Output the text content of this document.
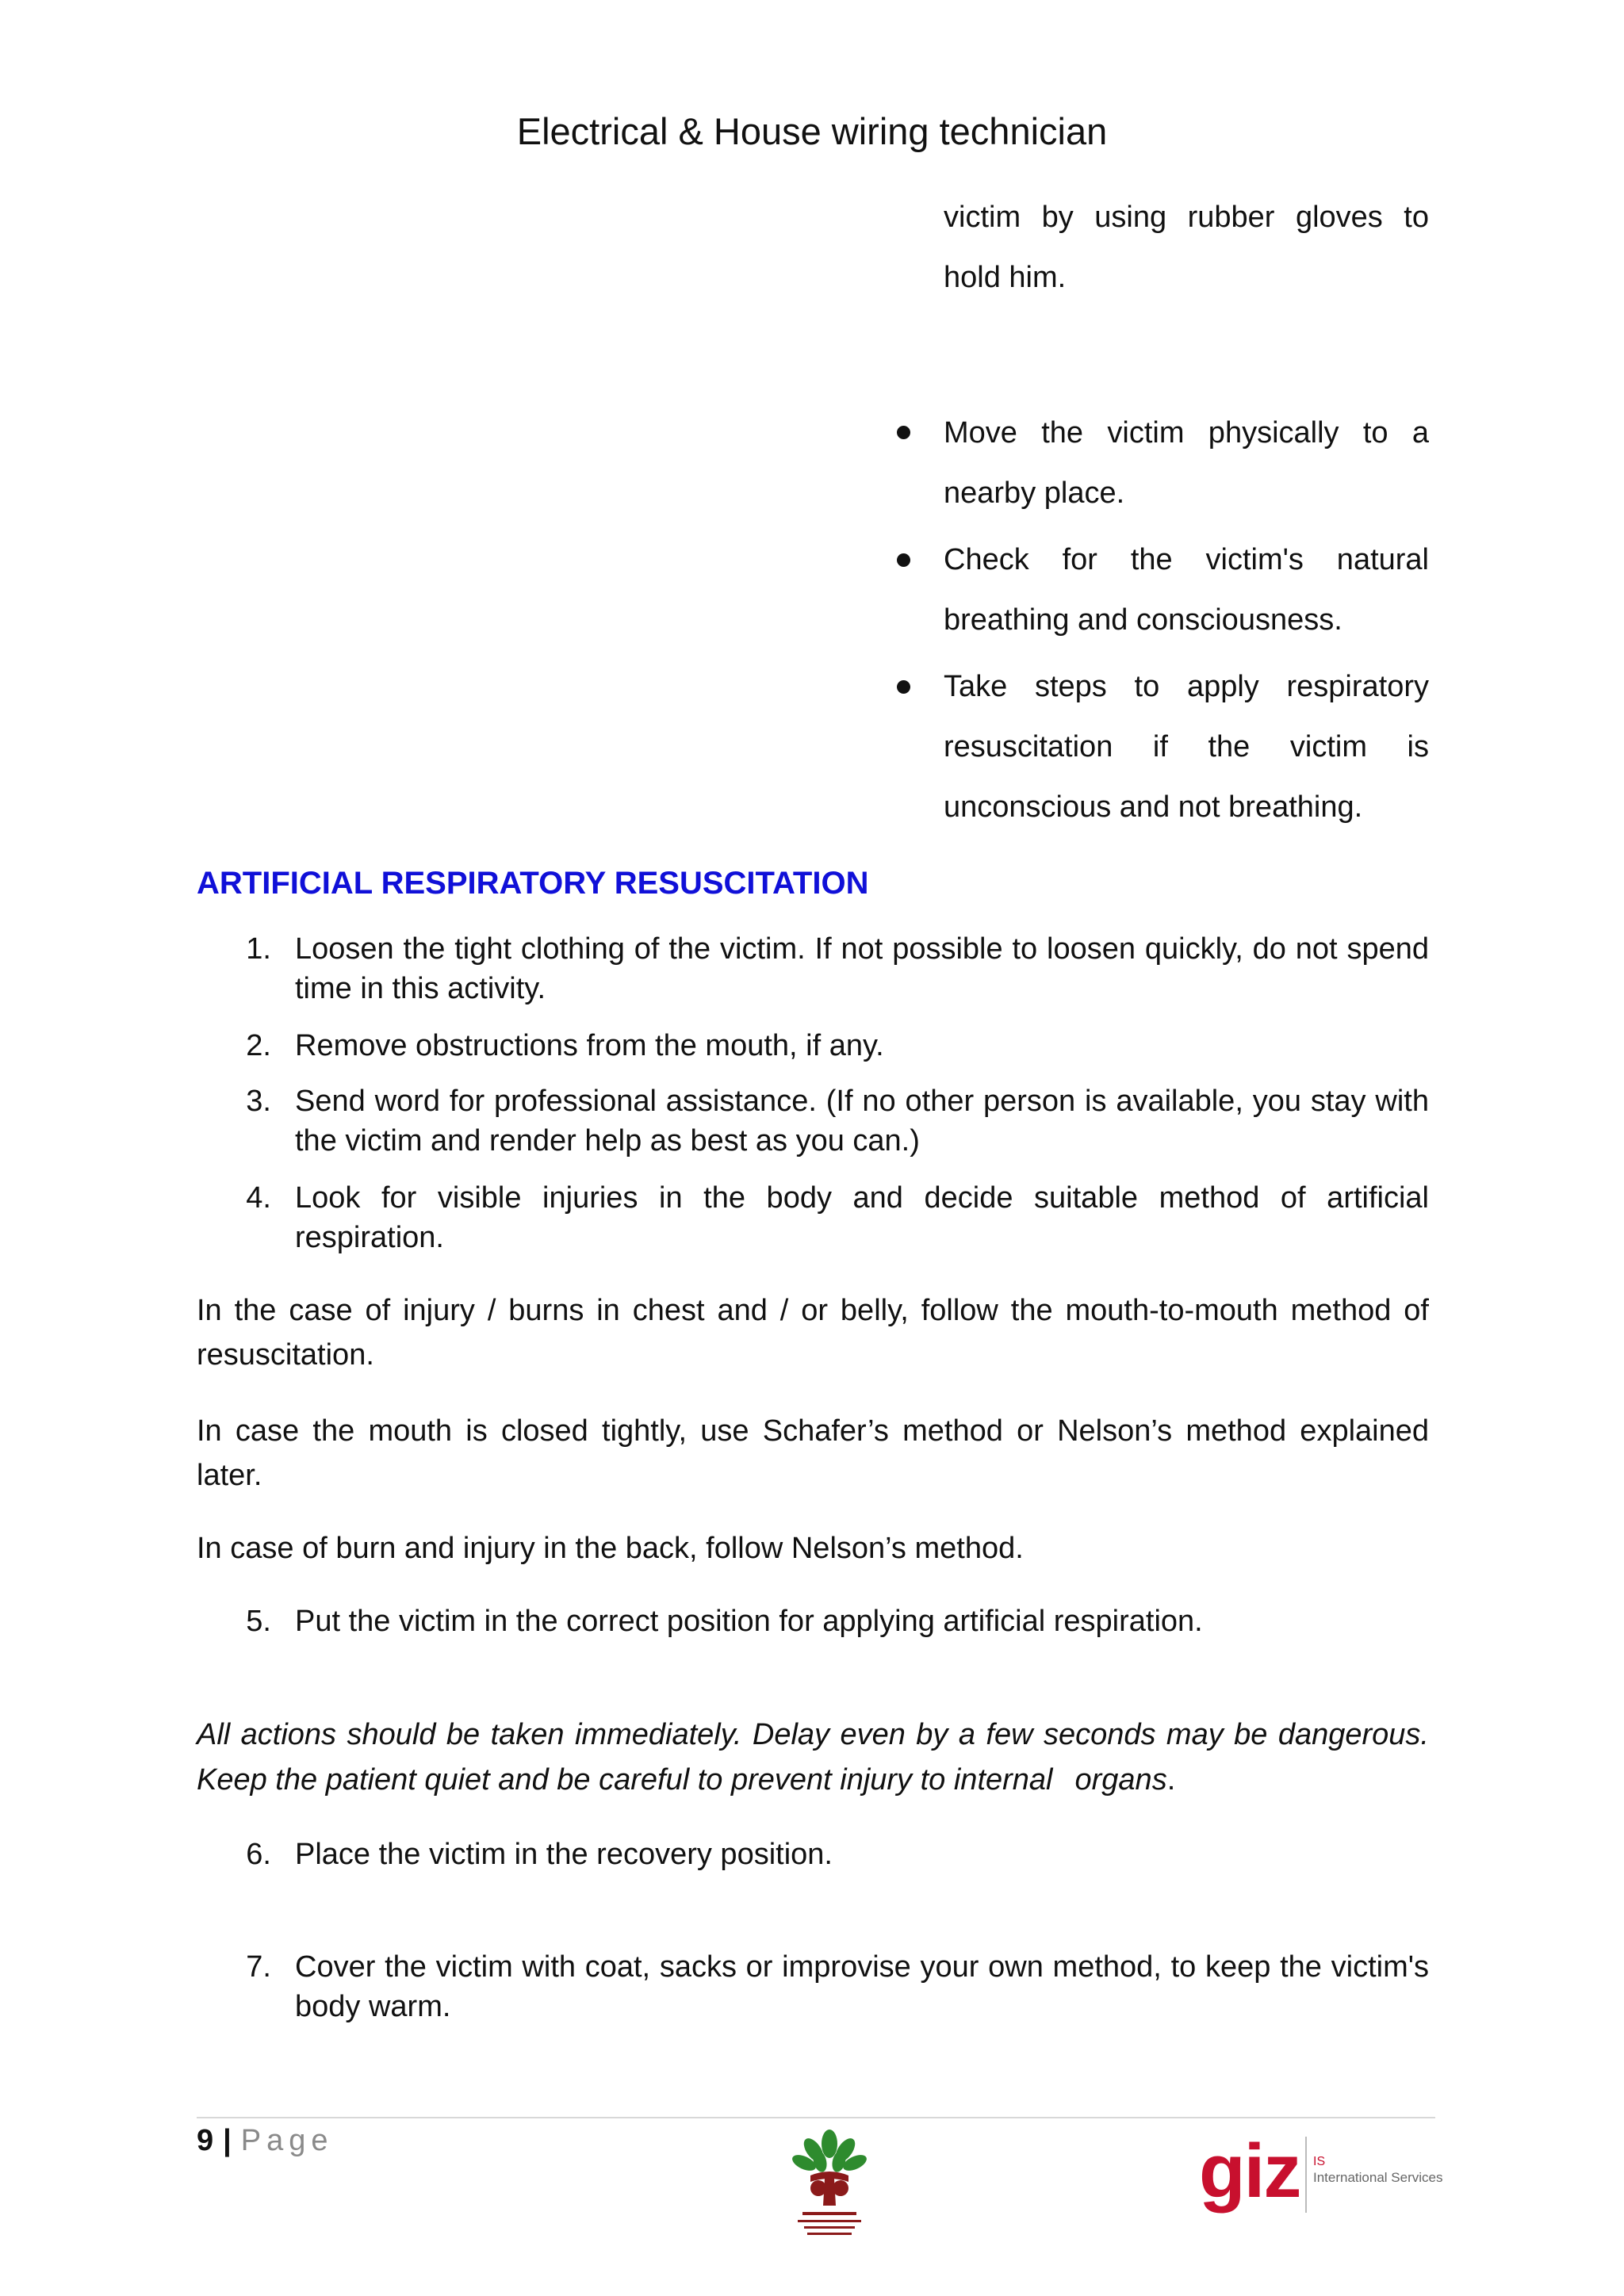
Electrical & House wiring technician
victim by using rubber gloves to
hold him.
Move the victim physically to a
nearby place.
Check for the victim's natural
breathing and consciousness.
Take steps to apply respiratory
resuscitation if the victim is
unconscious and not breathing.
ARTIFICIAL RESPIRATORY RESUSCITATION
1. Loosen the tight clothing of the victim. If not possible to loosen quickly, do not spend
time in this activity.
2. Remove obstructions from the mouth, if any.
3. Send word for professional assistance. (If no other person is available, you stay with
the victim and render help as best as you can.)
4. Look for visible injuries in the body and decide suitable method of artificial
respiration.
In the case of injury / burns in chest and / or belly, follow the mouth-to-mouth method of
resuscitation.
In case the mouth is closed tightly, use Schafer’s method or Nelson’s method explained
later.
In case of burn and injury in the back, follow Nelson’s method.
5. Put the victim in the correct position for applying artificial respiration.
All actions should be taken immediately. Delay even by a few seconds may be dangerous.
Keep the patient quiet and be careful to prevent injury to internal organs.
6. Place the victim in the recovery position.
7. Cover the victim with coat, sacks or improvise your own method, to keep the victim's
body warm.
9 | Page	giz IS
International Services
